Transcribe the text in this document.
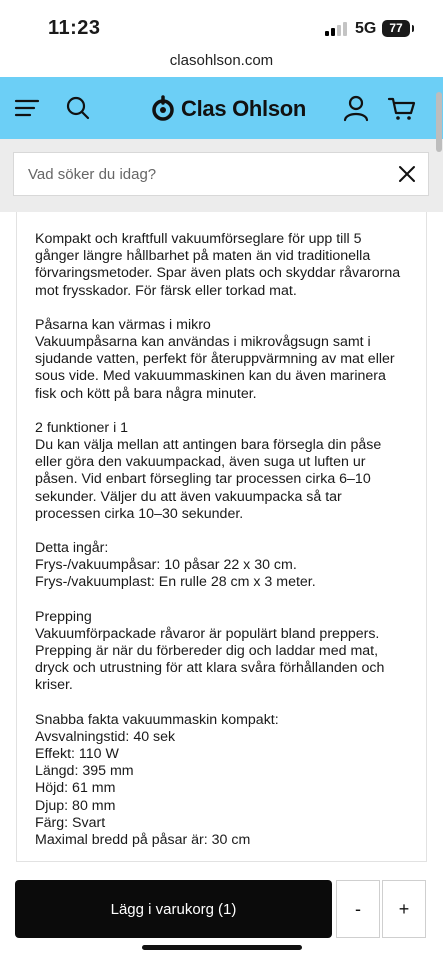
11:23	5G	77
clasohlson.com
Clas Ohlson
Vad söker du idag?

Kompakt och kraftfull vakuumförseglare för upp till 5 gånger längre hållbarhet på maten än vid traditionella förvaringsmetoder. Spar även plats och skyddar råvarorna mot frysskador. För färsk eller torkad mat.

Påsarna kan värmas i mikro
Vakuumpåsarna kan användas i mikrovågsugn samt i sjudande vatten, perfekt för återuppvärmning av mat eller sous vide. Med vakuummaskinen kan du även marinera fisk och kött på bara några minuter.

2 funktioner i 1
Du kan välja mellan att antingen bara försegla din påse eller göra den vakuumpackad, även suga ut luften ur påsen. Vid enbart försegling tar processen cirka 6–10 sekunder. Väljer du att även vakuumpacka så tar processen cirka 10–30 sekunder.

Detta ingår:
Frys-/vakuumpåsar: 10 påsar 22 x 30 cm.
Frys-/vakuumplast: En rulle 28 cm x 3 meter.

Prepping
Vakuumförpackade råvaror är populärt bland preppers. Prepping är när du förbereder dig och laddar med mat, dryck och utrustning för att klara svåra förhållanden och kriser.

Snabba fakta vakuummaskin kompakt:
Avsvalningstid: 40 sek
Effekt: 110 W
Längd: 395 mm
Höjd: 61 mm
Djup: 80 mm
Färg: Svart
Maximal bredd på påsar är: 30 cm

Lägg i varukorg (1)	-	+
